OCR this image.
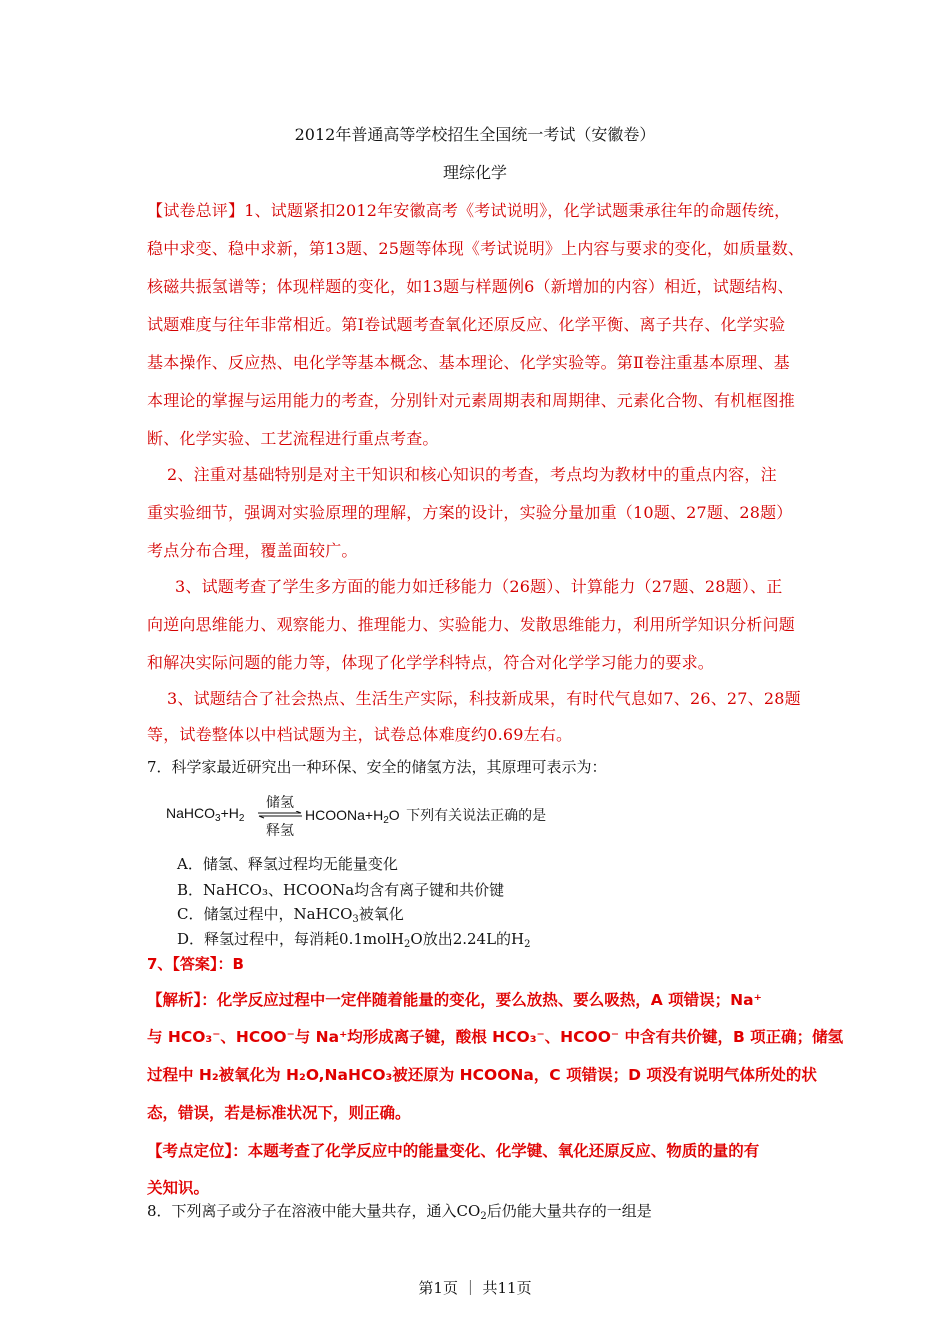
2012年普通高等学校招生全国统一考试（安徽卷）
理综化学
【试卷总评】1、试题紧扣2012年安徽高考《考试说明》，化学试题秉承往年的命题传统，
稳中求变、稳中求新，第13题、25题等体现《考试说明》上内容与要求的变化，如质量数、
核磁共振氢谱等；体现样题的变化，如13题与样题例6（新增加的内容）相近，试题结构、
试题难度与往年非常相近。第Ⅰ卷试题考查氧化还原反应、化学平衡、离子共存、化学实验
基本操作、反应热、电化学等基本概念、基本理论、化学实验等。第Ⅱ卷注重基本原理、基
本理论的掌握与运用能力的考查，分别针对元素周期表和周期律、元素化合物、有机框图推
断、化学实验、工艺流程进行重点考查。
2、注重对基础特别是对主干知识和核心知识的考查，考点均为教材中的重点内容，注
重实验细节，强调对实验原理的理解，方案的设计，实验分量加重（10题、27题、28题）
考点分布合理，覆盖面较广。
3、试题考查了学生多方面的能力如迁移能力（26题）、计算能力（27题、28题）、正
向逆向思维能力、观察能力、推理能力、实验能力、发散思维能力，利用所学知识分析问题
和解决实际问题的能力等，体现了化学学科特点，符合对化学学习能力的要求。
3、试题结合了社会热点、生活生产实际，科技新成果，有时代气息如7、26、27、28题
等，试卷整体以中档试题为主，试卷总体难度约0.69左右。
7．科学家最近研究出一种环保、安全的储氢方法，其原理可表示为：
$NaHCO_3+H_2$
储氢
释氢
$HCOONa+H_2O$ 下列有关说法正确的是
A．储氢、释氢过程均无能量变化
B．NaHCO₃、HCOONa均含有离子键和共价键
C．储氢过程中，NaHCO$_3$被氧化
D．释氢过程中，每消耗0.1molH$_2$O放出2.24L的$H_2$
7、【答案】：B
【解析】：化学反应过程中一定伴随着能量的变化，要么放热、要么吸热，A 项错误；Na⁺
与 HCO₃⁻、HCOO⁻与 Na⁺均形成离子键，酸根 HCO₃⁻、HCOO⁻ 中含有共价键，B 项正确；储氢
过程中 H₂被氧化为 H₂O,NaHCO₃被还原为 HCOONa，C 项错误；D 项没有说明气体所处的状
态，错误，若是标准状况下，则正确。
【考点定位】：本题考查了化学反应中的能量变化、化学键、氧化还原反应、物质的量的有
关知识。
8．下列离子或分子在溶液中能大量共存，通入$CO_2$后仍能大量共存的一组是
第1页 ｜ 共11页
